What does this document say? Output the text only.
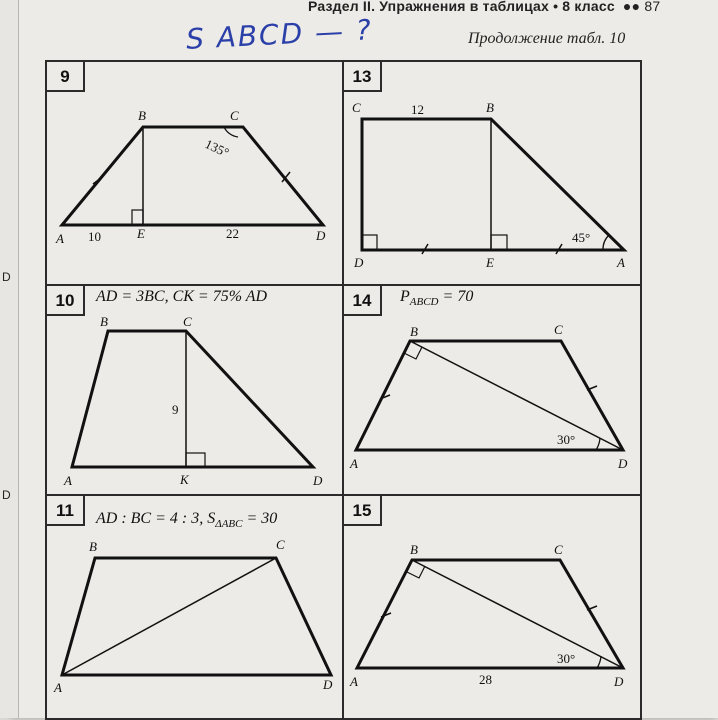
D
D
Раздел II. Упражнения в таблицах • 8 класс ●● 87
S ABCD — ?	Продолжение табл. 10
9
B	C
A	E	D
10	22
135°
13
C	B
D	E	A
12
45°
10	AD = 3BC, CK = 75% AD
B	C
A	K	D
9
14	$P_{ABCD} = 70$
B	C
A	D
30°
11	AD : BC = 4 : 3, $S_{\Delta ABC} = 30$
B	C
A	D
15
B	C
A	D
28
30°
